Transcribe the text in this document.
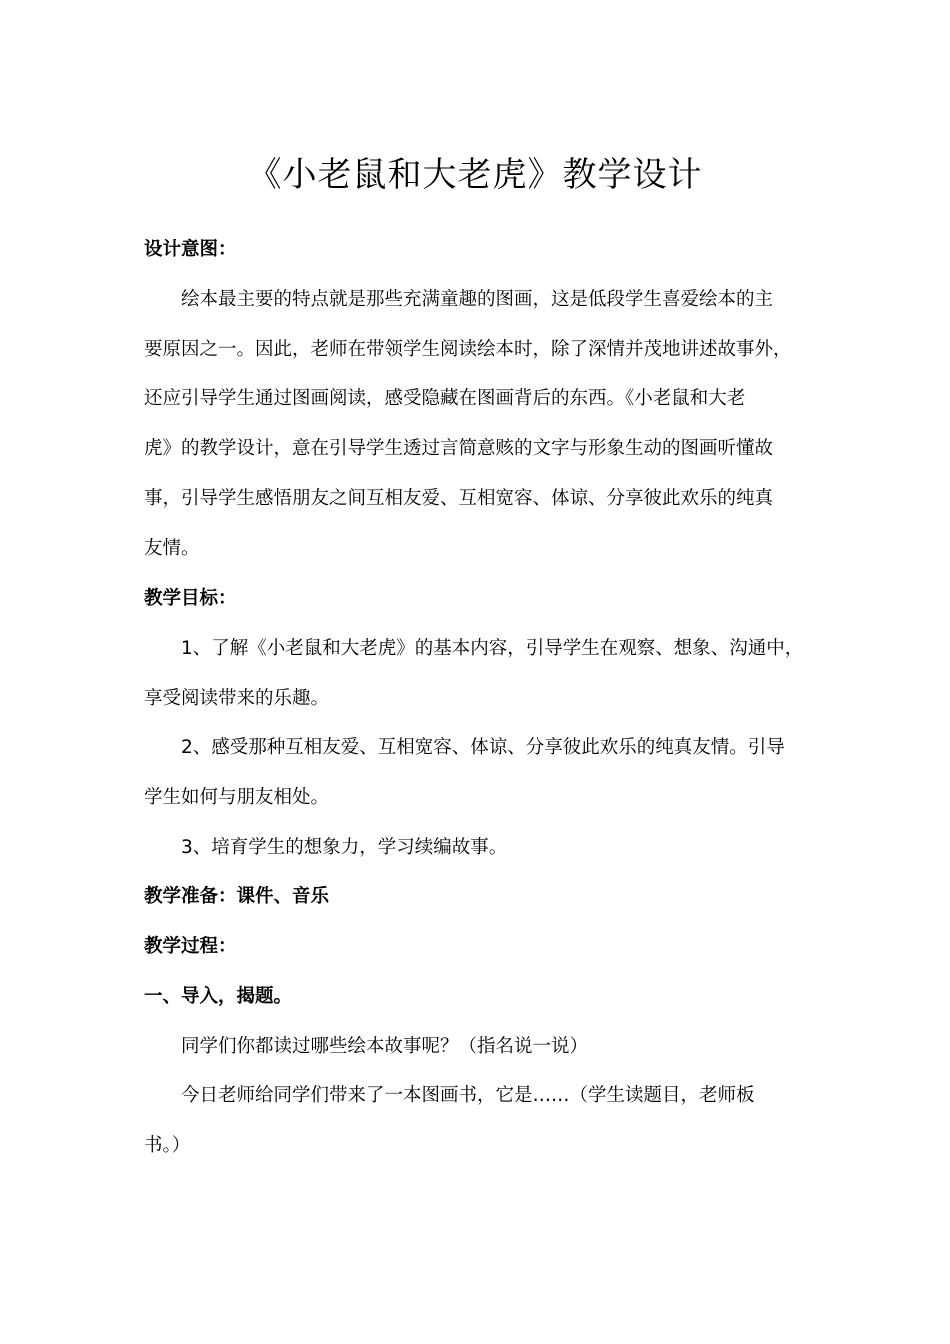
《小老鼠和大老虎》教学设计
设计意图：
绘本最主要的特点就是那些充满童趣的图画，这是低段学生喜爱绘本的主
要原因之一。因此，老师在带领学生阅读绘本时，除了深情并茂地讲述故事外，
还应引导学生通过图画阅读，感受隐藏在图画背后的东西。《小老鼠和大老
虎》的教学设计，意在引导学生透过言简意赅的文字与形象生动的图画听懂故
事，引导学生感悟朋友之间互相友爱、互相宽容、体谅、分享彼此欢乐的纯真
友情。
教学目标：
1、了解《小老鼠和大老虎》的基本内容，引导学生在观察、想象、沟通中，
享受阅读带来的乐趣。
2、感受那种互相友爱、互相宽容、体谅、分享彼此欢乐的纯真友情。引导
学生如何与朋友相处。
3、培育学生的想象力，学习续编故事。
教学准备：课件、音乐
教学过程：
一、导入，揭题。
同学们你都读过哪些绘本故事呢？（指名说一说）
今日老师给同学们带来了一本图画书，它是……（学生读题目，老师板
书。）
